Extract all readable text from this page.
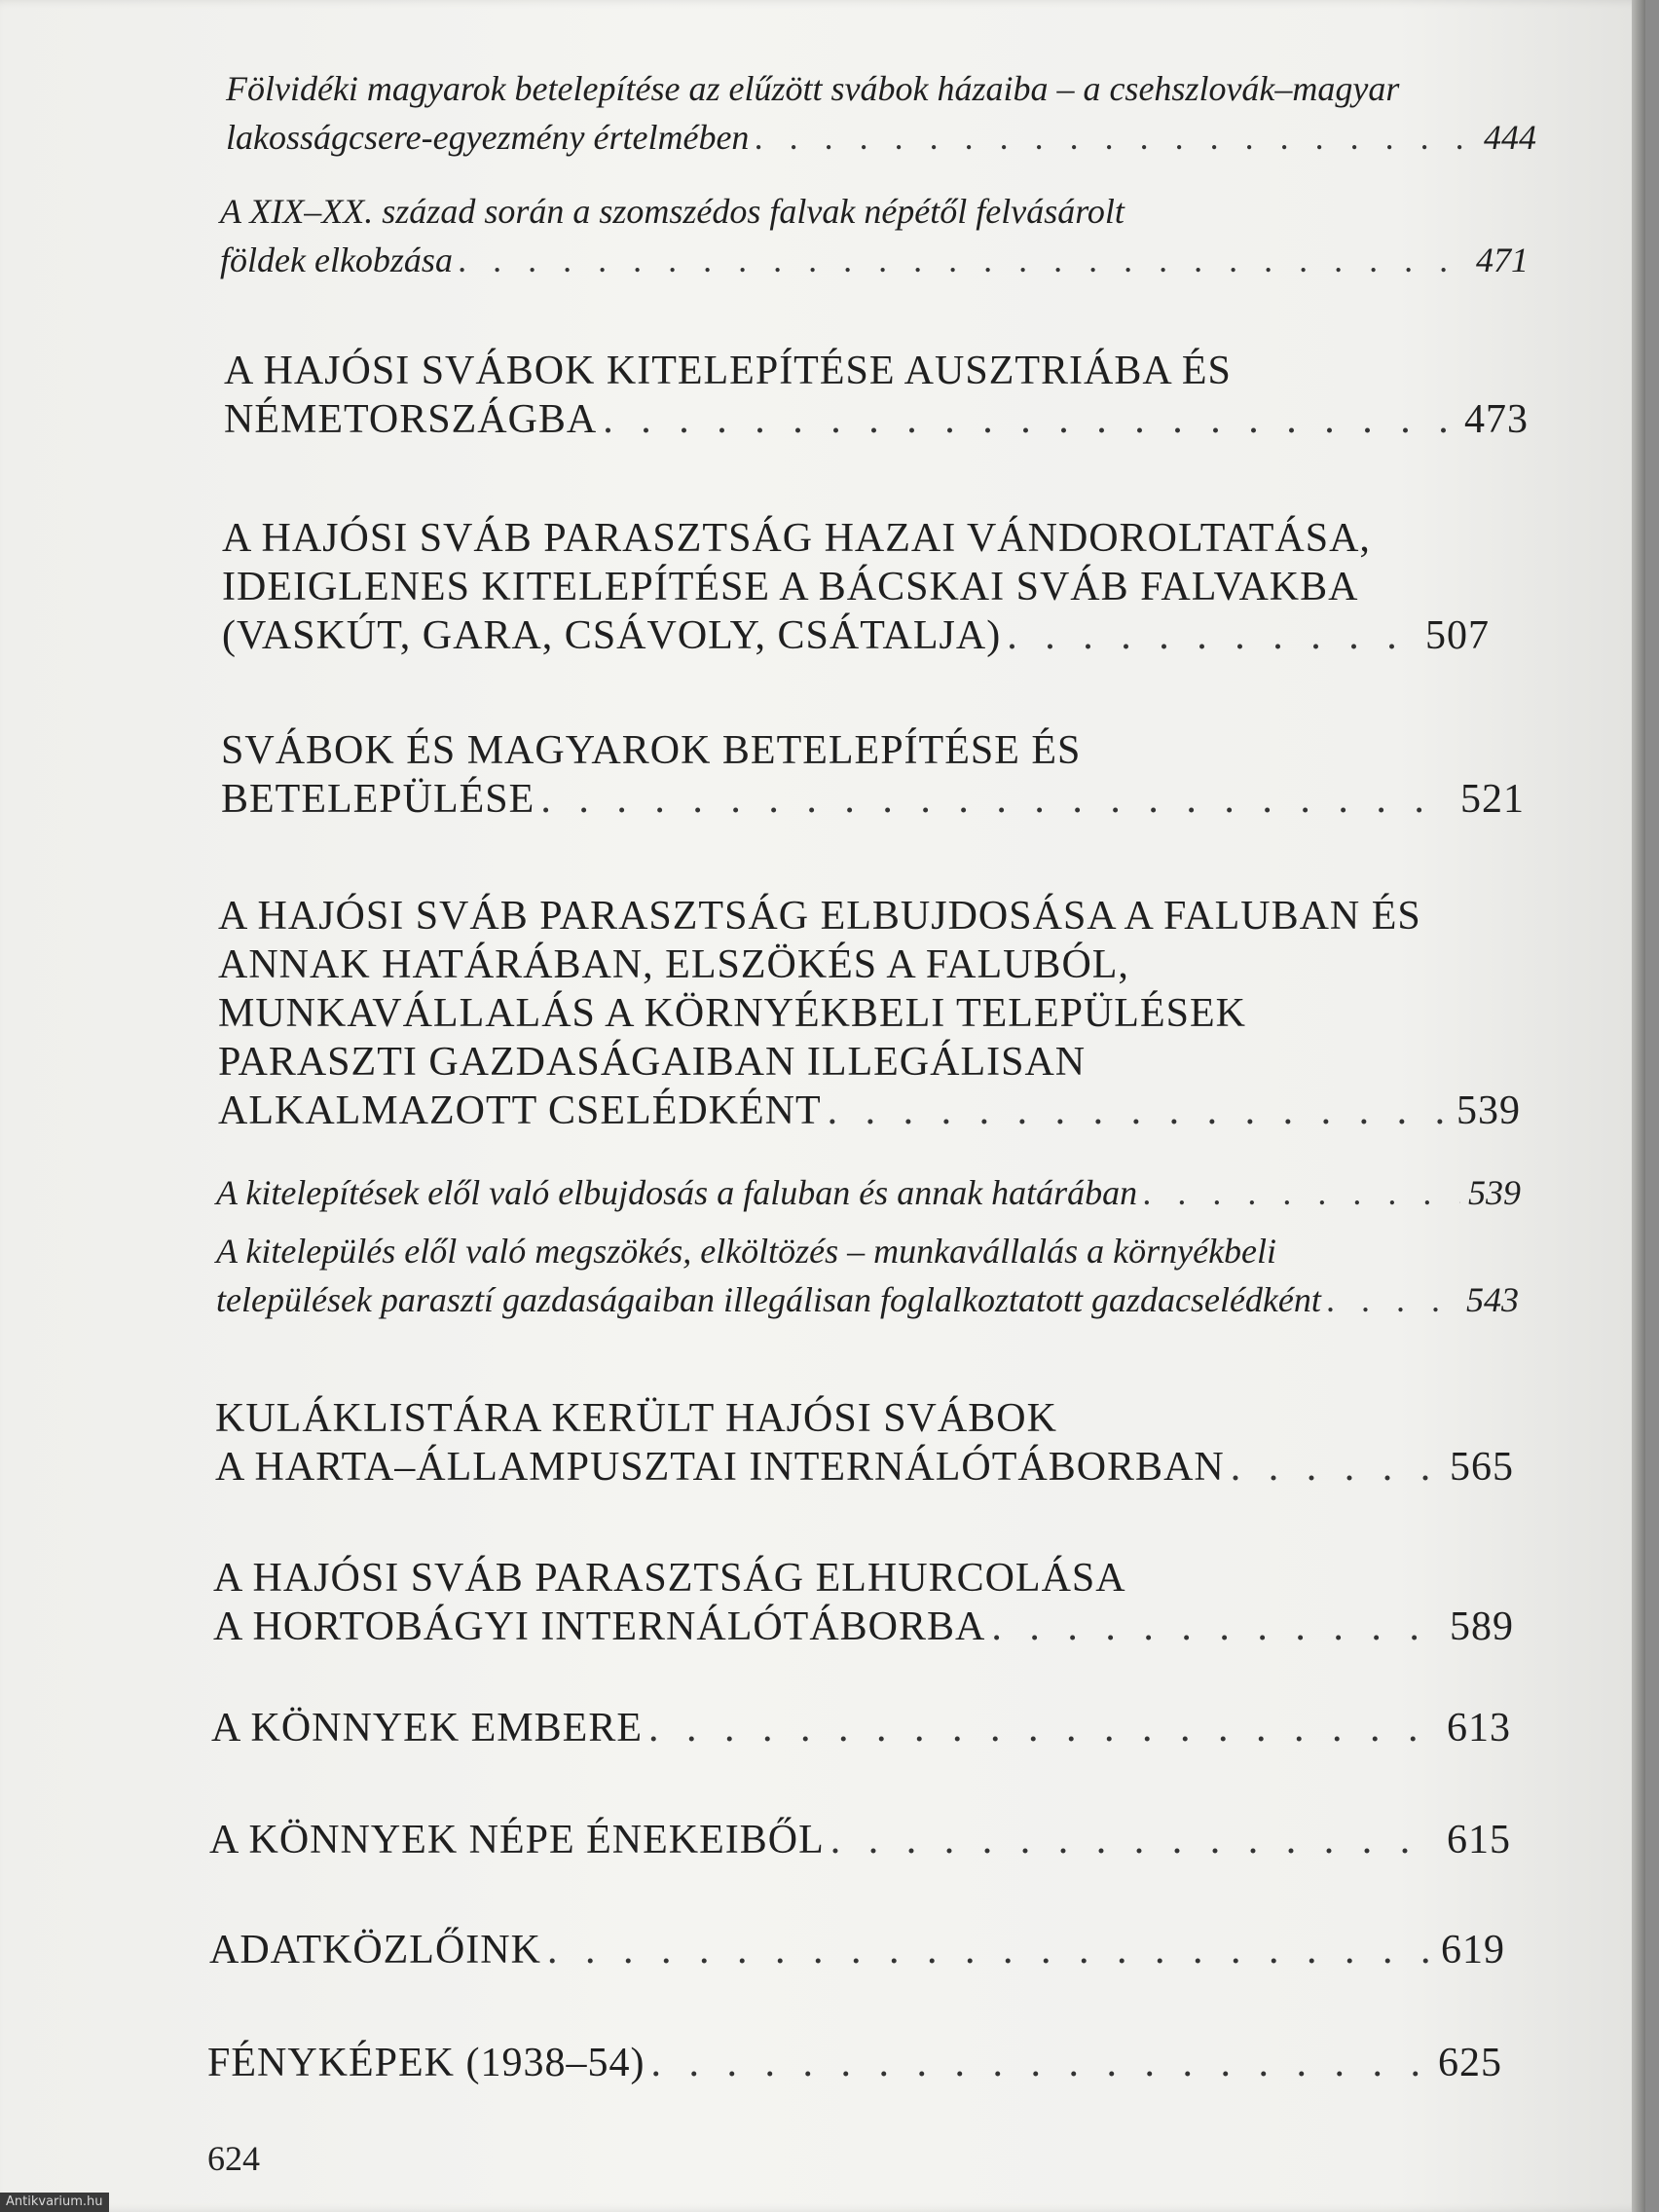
Fölvidéki magyarok betelepítése az elűzött svábok házaiba – a csehszlovák–magyar
lakosságcsere-egyezmény értelmében . . .	444
A XIX–XX. század során a szomszédos falvak népétől felvásárolt
földek elkobzása . . .	471
A HAJÓSI SVÁBOK KITELEPÍTÉSE AUSZTRIÁBA ÉS
NÉMETORSZÁGBA . . .	473
A HAJÓSI SVÁB PARASZTSÁG HAZAI VÁNDOROLTATÁSA,
IDEIGLENES KITELEPÍTÉSE A BÁCSKAI SVÁB FALVAKBA
(VASKÚT, GARA, CSÁVOLY, CSÁTALJA) . . .	507
SVÁBOK ÉS MAGYAROK BETELEPÍTÉSE ÉS
BETELEPÜLÉSE . . .	521
A HAJÓSI SVÁB PARASZTSÁG ELBUJDOSÁSA A FALUBAN ÉS
ANNAK HATÁRÁBAN, ELSZÖKÉS A FALUBÓL,
MUNKAVÁLLALÁS A KÖRNYÉKBELI TELEPÜLÉSEK
PARASZTI GAZDASÁGAIBAN ILLEGÁLISAN
ALKALMAZOTT CSELÉDKÉNT . . .	539
A kitelepítések elől való elbujdosás a faluban és annak határában . . .	539
A kitelepülés elől való megszökés, elköltözés – munkavállalás a környékbeli
települések parasztí gazdaságaiban illegálisan foglalkoztatott gazdacselédként . . .	543
KULÁKLISTÁRA KERÜLT HAJÓSI SVÁBOK
A HARTA–ÁLLAMPUSZTAI INTERNÁLÓTÁBORBAN . . .	565
A HAJÓSI SVÁB PARASZTSÁG ELHURCOLÁSA
A HORTOBÁGYI INTERNÁLÓTÁBORBA . . .	589
A KÖNNYEK EMBERE . . .	613
A KÖNNYEK NÉPE ÉNEKEIBŐL . . .	615
ADATKÖZLŐINK . . .	619
FÉNYKÉPEK (1938–54) . . .	625
624
Antikvarium.hu
